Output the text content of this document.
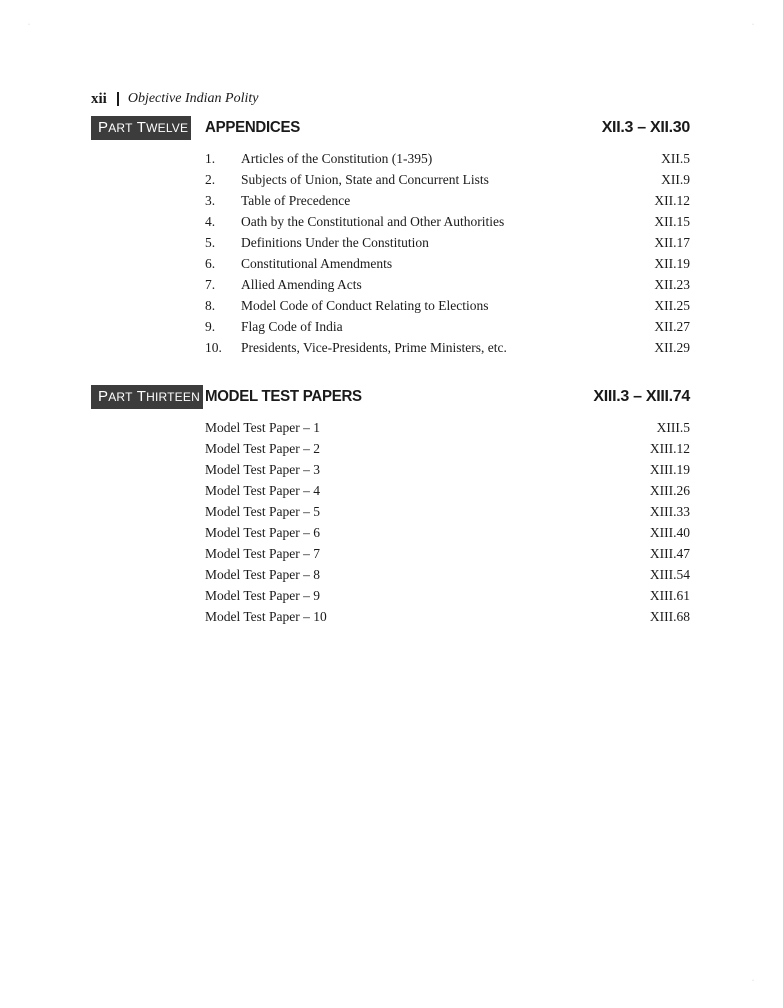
xii Objective Indian Polity
PART TWELVE APPENDICES	XII.3 – XII.30
1. Articles of the Constitution (1-395)	XII.5
2. Subjects of Union, State and Concurrent Lists	XII.9
3. Table of Precedence	XII.12
4. Oath by the Constitutional and Other Authorities	XII.15
5. Definitions Under the Constitution	XII.17
6. Constitutional Amendments	XII.19
7. Allied Amending Acts	XII.23
8. Model Code of Conduct Relating to Elections	XII.25
9. Flag Code of India	XII.27
10. Presidents, Vice-Presidents, Prime Ministers, etc.	XII.29
PART THIRTEEN MODEL TEST PAPERS	XIII.3 – XIII.74
Model Test Paper – 1	XIII.5
Model Test Paper – 2	XIII.12
Model Test Paper – 3	XIII.19
Model Test Paper – 4	XIII.26
Model Test Paper – 5	XIII.33
Model Test Paper – 6	XIII.40
Model Test Paper – 7	XIII.47
Model Test Paper – 8	XIII.54
Model Test Paper – 9	XIII.61
Model Test Paper – 10	XIII.68
·	·
·
